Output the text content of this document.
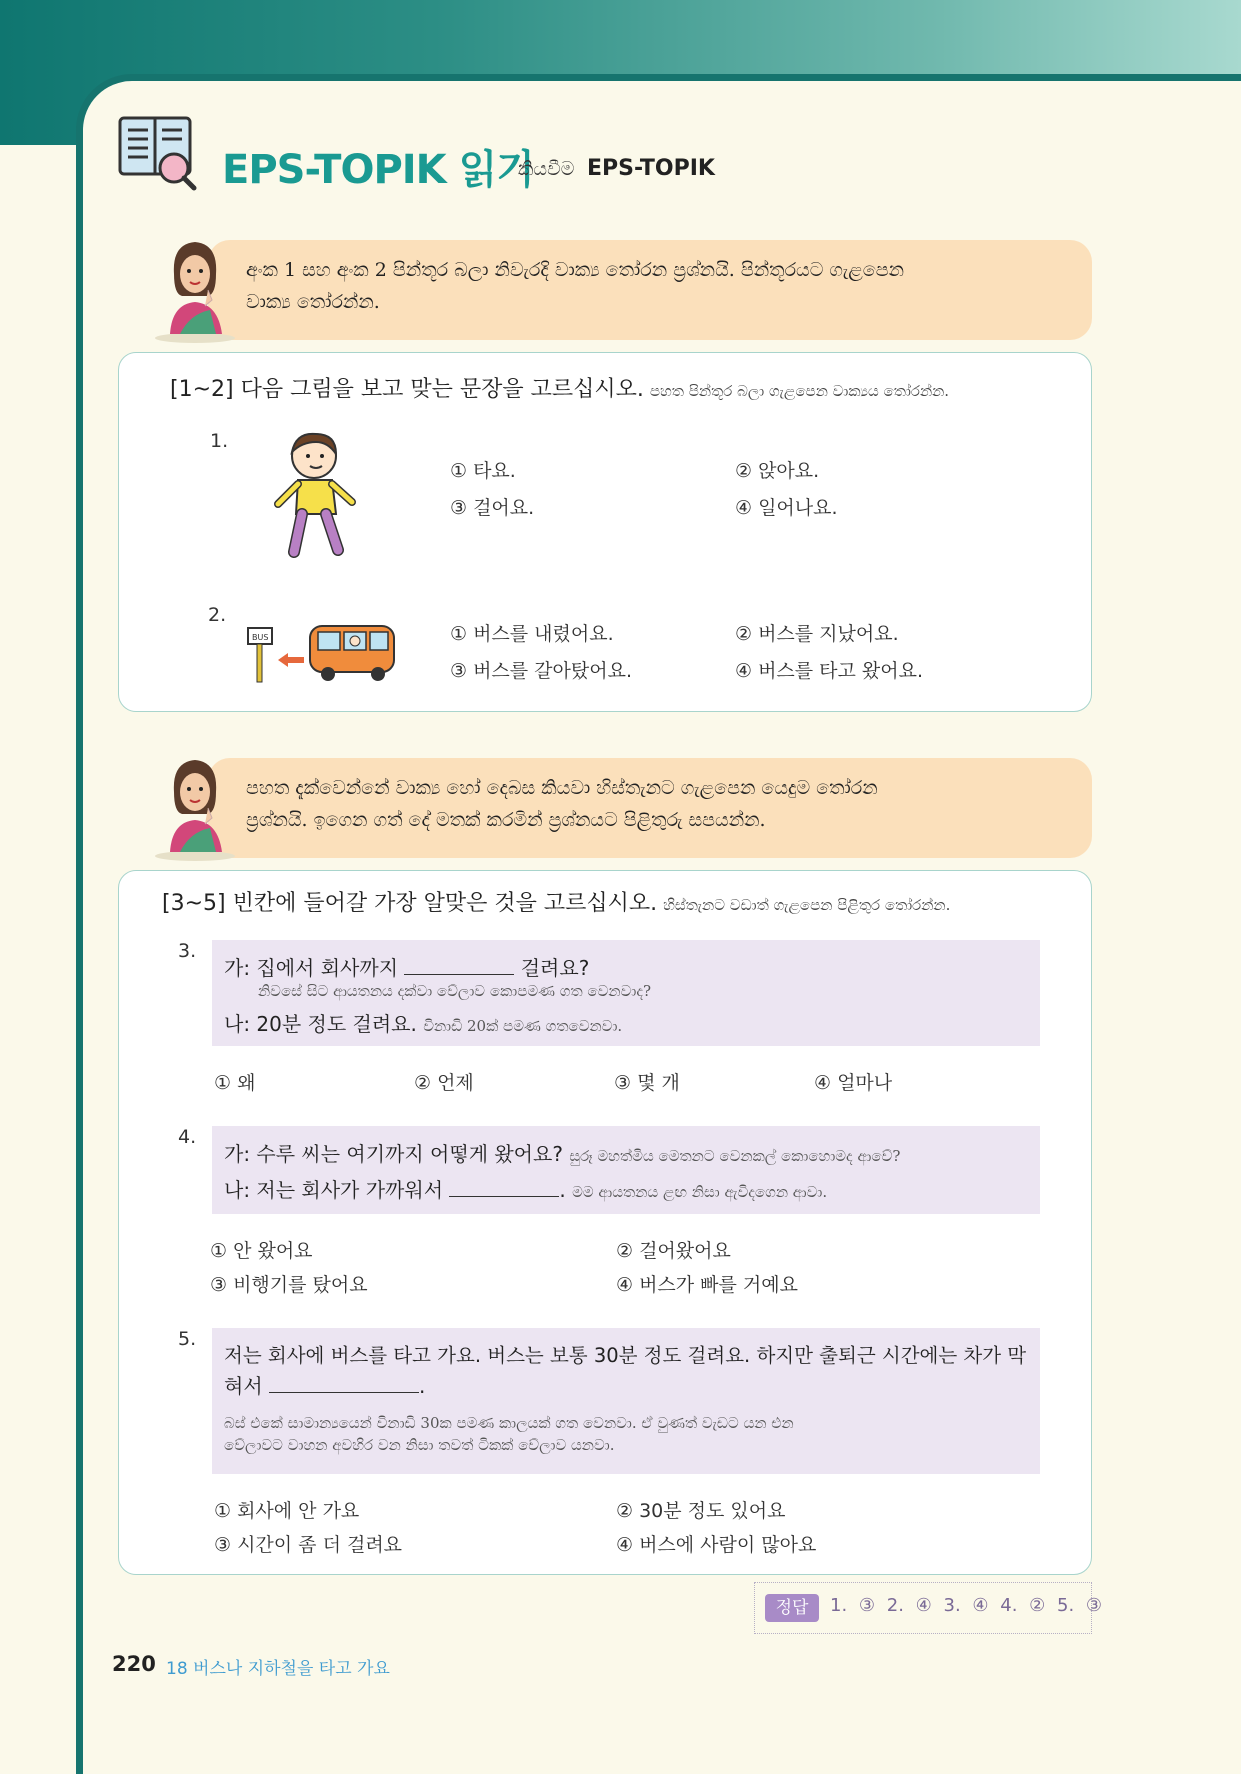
EPS-TOPIK 읽기
කියවීම EPS-TOPIK
අංක 1 සහ අංක 2 පින්තූර බලා නිවැරදි වාක්‍ය තෝරන ප්‍රශ්නයි. පින්තූරයට ගැළපෙන
වාක්‍ය තෝරන්න.
[1~2] 다음 그림을 보고 맞는 문장을 고르십시오. පහත පින්තූර බලා ගැළපෙන වාක්‍යය තෝරන්න.
1.
① 타요.	② 앉아요.
③ 걸어요.	④ 일어나요.
2.
BUS	① 버스를 내렸어요.	② 버스를 지났어요.
③ 버스를 갈아탔어요.	④ 버스를 타고 왔어요.
පහත දැක්වෙන්නේ වාක්‍ය හෝ දෙබස කියවා හිස්තැනට ගැළපෙන යෙදුම තෝරන
ප්‍රශ්නයි. ඉගෙන ගත් දේ මතක් කරමින් ප්‍රශ්නයට පිළිතුරු සපයන්න.
[3~5] 빈칸에 들어갈 가장 알맞은 것을 고르십시오. හිස්තැනට වඩාත් ගැළපෙන පිළිතුර තෝරන්න.
3.
가: 집에서 회사까지	걸려요?
නිවසේ සිට ආයතනය දක්වා වේලාව කොපමණ ගත වෙනවාද?
나: 20분 정도 걸려요. විනාඩි 20ක් පමණ ගතවෙනවා.
① 왜	② 언제	③ 몇 개	④ 얼마나
4.
가: 수루 씨는 여기까지 어떻게 왔어요? සුරූ මහත්මිය මෙතනට වෙනකල් කොහොමද ආවේ?
나: 저는 회사가 가까워서	. මම ආයතනය ළඟ නිසා ඇවිදගෙන ආවා.
① 안 왔어요	② 걸어왔어요
③ 비행기를 탔어요	④ 버스가 빠를 거예요
5.
저는 회사에 버스를 타고 가요. 버스는 보통 30분 정도 걸려요. 하지만 출퇴근 시간에는 차가 막
혀서	.
බස් එකේ සාමාන්‍යයෙන් විනාඩි 30ක පමණ කාලයක් ගත වෙනවා. ඒ වුණත් වැඩට යන එන
වේලාවට වාහන අවහිර වන නිසා තවත් ටිකක් වේලාව යනවා.
① 회사에 안 가요	② 30분 정도 있어요
③ 시간이 좀 더 걸려요	④ 버스에 사람이 많아요
정답	1. ③ 2. ④ 3. ④ 4. ② 5. ③
220 18 버스나 지하철을 타고 가요
